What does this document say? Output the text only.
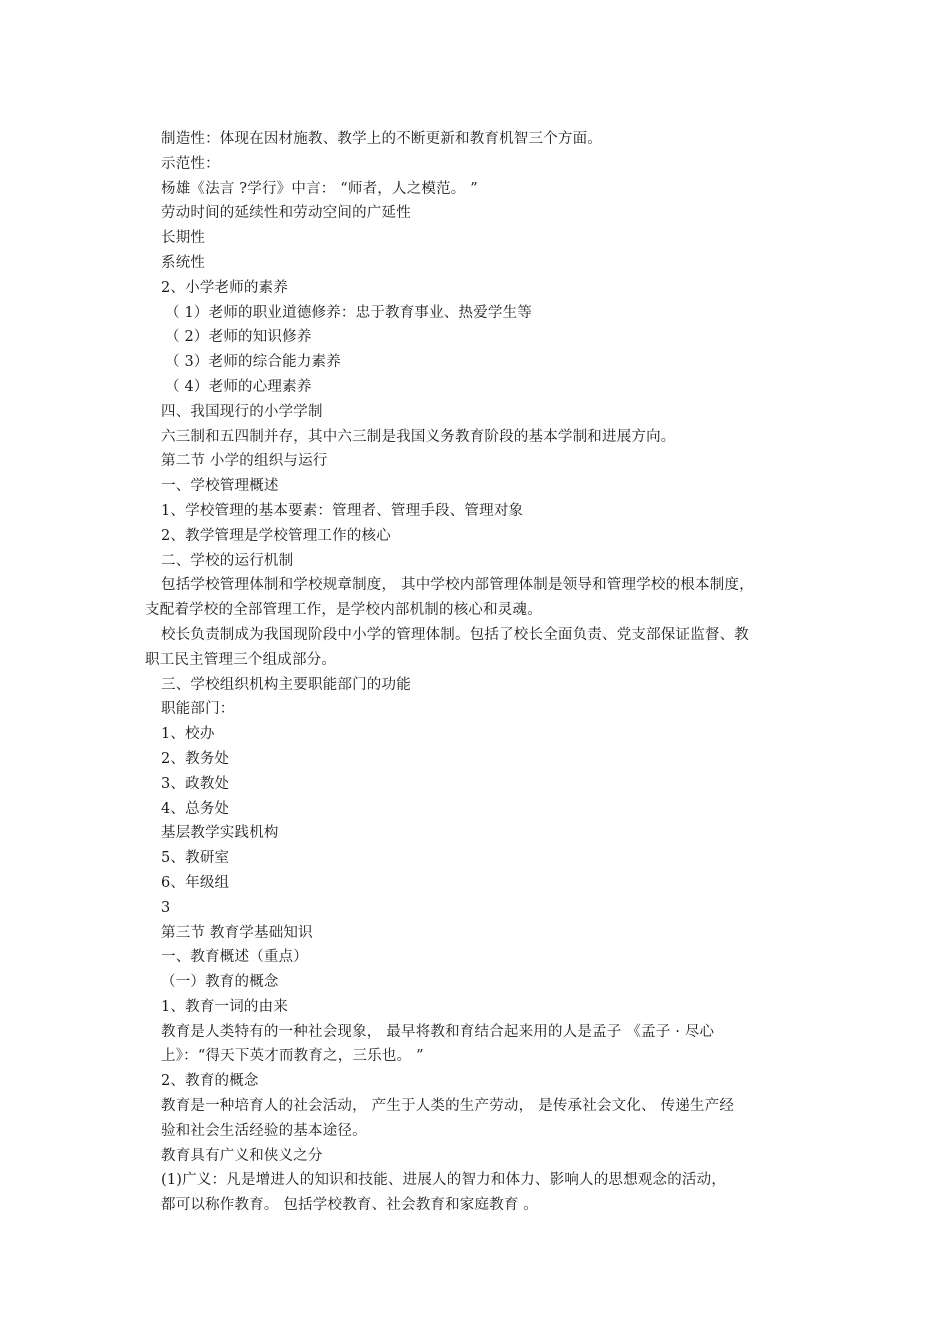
制造性：体现在因材施教、教学上的不断更新和教育机智三个方面。
示范性：
杨雄《法言 ?学行》中言： “师者，人之模范。 ”
劳动时间的延续性和劳动空间的广延性
长期性
系统性
2、小学老师的素养
（ 1）老师的职业道德修养：忠于教育事业、热爱学生等
（ 2）老师的知识修养
（ 3）老师的综合能力素养
（ 4）老师的心理素养
四、我国现行的小学学制
六三制和五四制并存，其中六三制是我国义务教育阶段的基本学制和进展方向。
第二节 小学的组织与运行
一、学校管理概述
1、学校管理的基本要素：管理者、管理手段、管理对象
2、教学管理是学校管理工作的核心
二、学校的运行机制
包括学校管理体制和学校规章制度， 其中学校内部管理体制是领导和管理学校的根本制度，
支配着学校的全部管理工作，是学校内部机制的核心和灵魂。
校长负责制成为我国现阶段中小学的管理体制。包括了校长全面负责、党支部保证监督、教
职工民主管理三个组成部分。
三、学校组织机构主要职能部门的功能
职能部门：
1、校办
2、教务处
3、政教处
4、总务处
基层教学实践机构
5、教研室
6、年级组
3
第三节 教育学基础知识
一、教育概述（重点）
（一）教育的概念
1、教育一词的由来
教育是人类特有的一种社会现象， 最早将教和育结合起来用的人是孟子 《孟子 · 尽心
上》：“得天下英才而教育之，三乐也。 ”
2、教育的概念
教育是一种培育人的社会活动， 产生于人类的生产劳动， 是传承社会文化、 传递生产经
验和社会生活经验的基本途径。
教育具有广义和侠义之分
(1)广义：凡是增进人的知识和技能、进展人的智力和体力、影响人的思想观念的活动，
都可以称作教育。 包括学校教育、社会教育和家庭教育 。
